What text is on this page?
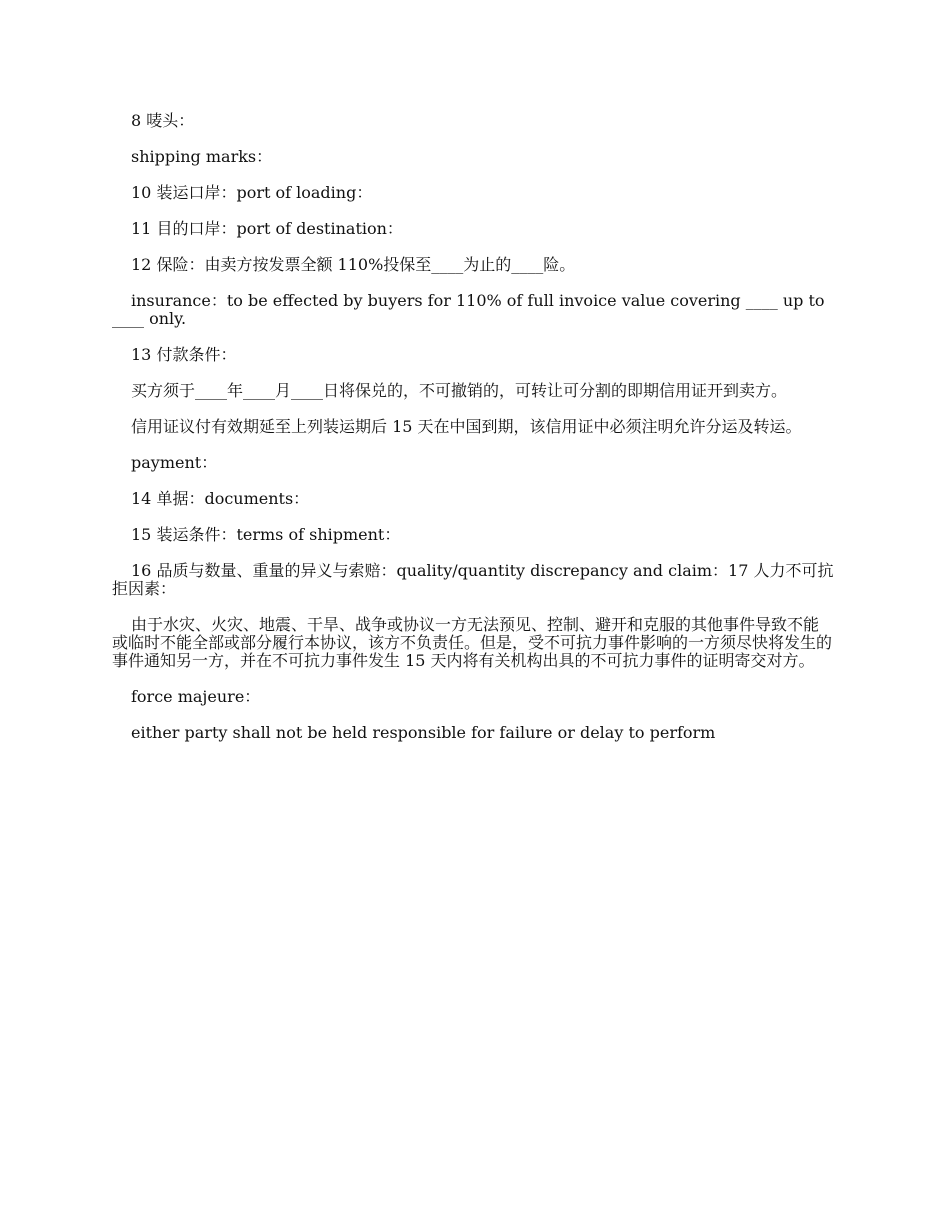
8 唛头：

shipping marks：

10 装运口岸：port of loading：

11 目的口岸：port of destination：

12 保险：由卖方按发票全额 110%投保至____为止的____险。

insurance：to be effected by buyers for 110% of full invoice value covering ____ up to ____ only.

13 付款条件：

买方须于____年____月____日将保兑的，不可撤销的，可转让可分割的即期信用证开到卖方。

信用证议付有效期延至上列装运期后 15 天在中国到期，该信用证中必须注明允许分运及转运。

payment：

14 单据：documents：

15 装运条件：terms of shipment：

16 品质与数量、重量的异义与索赔：quality/quantity discrepancy and claim：17 人力不可抗拒因素：

由于水灾、火灾、地震、干旱、战争或协议一方无法预见、控制、避开和克服的其他事件导致不能或临时不能全部或部分履行本协议，该方不负责任。但是，受不可抗力事件影响的一方须尽快将发生的事件通知另一方，并在不可抗力事件发生 15 天内将有关机构出具的不可抗力事件的证明寄交对方。

force majeure：

either party shall not be held responsible for failure or delay to perform
